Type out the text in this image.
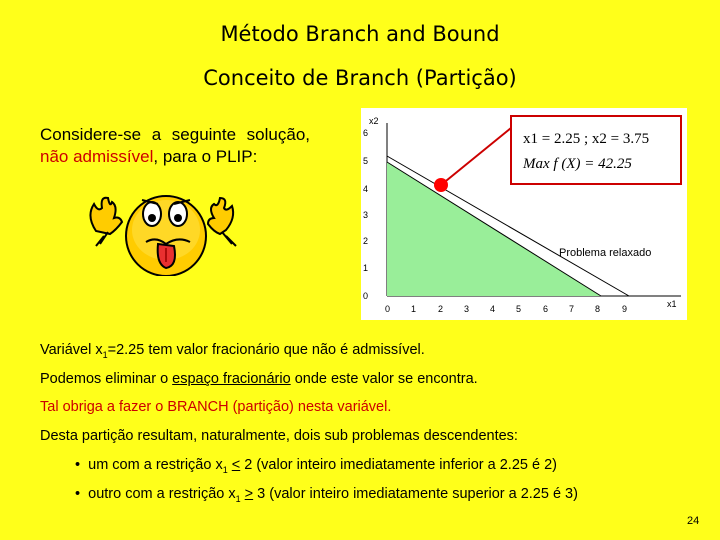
Método Branch and Bound
Conceito de Branch (Partição)
Considere-se a seguinte solução, não admissível, para o PLIP:
x2
6
5
4
3
2
1
0
0 1 2 3 4 5 6 7 8 9	x1
x1 = 2.25 ; x2 = 3.75
Max f (X) = 42.25
Problema relaxado
Variável $x_1=2.25$ tem valor fracionário que não é admissível.
Podemos eliminar o espaço fracionário onde este valor se encontra.
Tal obriga a fazer o BRANCH (partição) nesta variável.
Desta partição resultam, naturalmente, dois sub problemas descendentes:
• um com a restrição $x_1 < 2$ (valor inteiro imediatamente inferior a 2.25 é 2)
• outro com a restrição $x_1 > 3$ (valor inteiro imediatamente superior a 2.25 é 3)
24
